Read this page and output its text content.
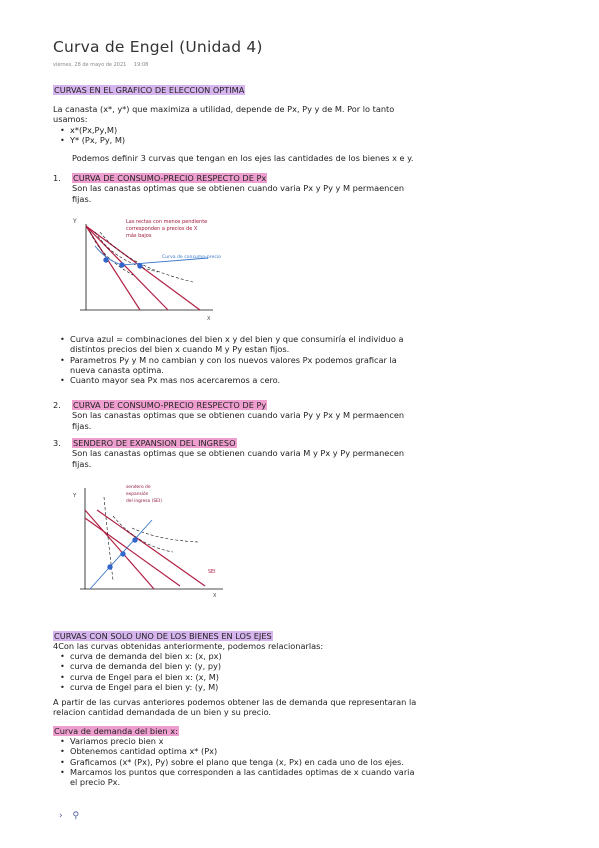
Curva de Engel (Unidad 4)
viernes, 28 de mayo de 2021 19:08
CURVAS EN EL GRAFICO DE ELECCION OPTIMA
La canasta (x*, y*) que maximiza a utilidad, depende de Px, Py y de M. Por lo tanto usamos:
• x*(Px,Py,M)
• Y* (Px, Py, M)
Podemos definir 3 curvas que tengan en los ejes las cantidades de los bienes x e y.
1.	CURVA DE CONSUMO-PRECIO RESPECTO DE Px
Son las canastas optimas que se obtienen cuando varia Px y Py y M permaencen fijas.
Y
X
Las rectas con menos pendiente
corresponden a precios de X
más bajos
Curva de consumo-precio
• Curva azul = combinaciones del bien x y del bien y que consumiría el individuo a distintos precios del bien x cuando M y Py estan fijos.
• Parametros Py y M no cambian y con los nuevos valores Px podemos graficar la nueva canasta optima.
• Cuanto mayor sea Px mas nos acercaremos a cero.
2.	CURVA DE CONSUMO-PRECIO RESPECTO DE Py
Son las canastas optimas que se obtienen cuando varia Py y Px y M permaencen fijas.
3.	SENDERO DE EXPANSION DEL INGRESO
Son las canastas optimas que se obtienen cuando varia M y Px y Py permanecen fijas.
Y
X
sendero de
expansión
del ingreso (SEI)
SEI
CURVAS CON SOLO UNO DE LOS BIENES EN LOS EJES
4Con las curvas obtenidas anteriormente, podemos relacionarlas:
• curva de demanda del bien x: (x, px)
• curva de demanda del bien y: (y, py)
• curva de Engel para el bien x: (x, M)
• curva de Engel para el bien y: (y, M)
A partir de las curvas anteriores podemos obtener las de demanda que representaran la relacion cantidad demandada de un bien y su precio.
Curva de demanda del bien x:
• Variamos precio bien x
• Obtenemos cantidad optima x* (Px)
• Graficamos (x* (Px), Py) sobre el plano que tenga (x, Px) en cada uno de los ejes.
• Marcamos los puntos que corresponden a las cantidades optimas de x cuando varia el precio Px.
› ⚲
